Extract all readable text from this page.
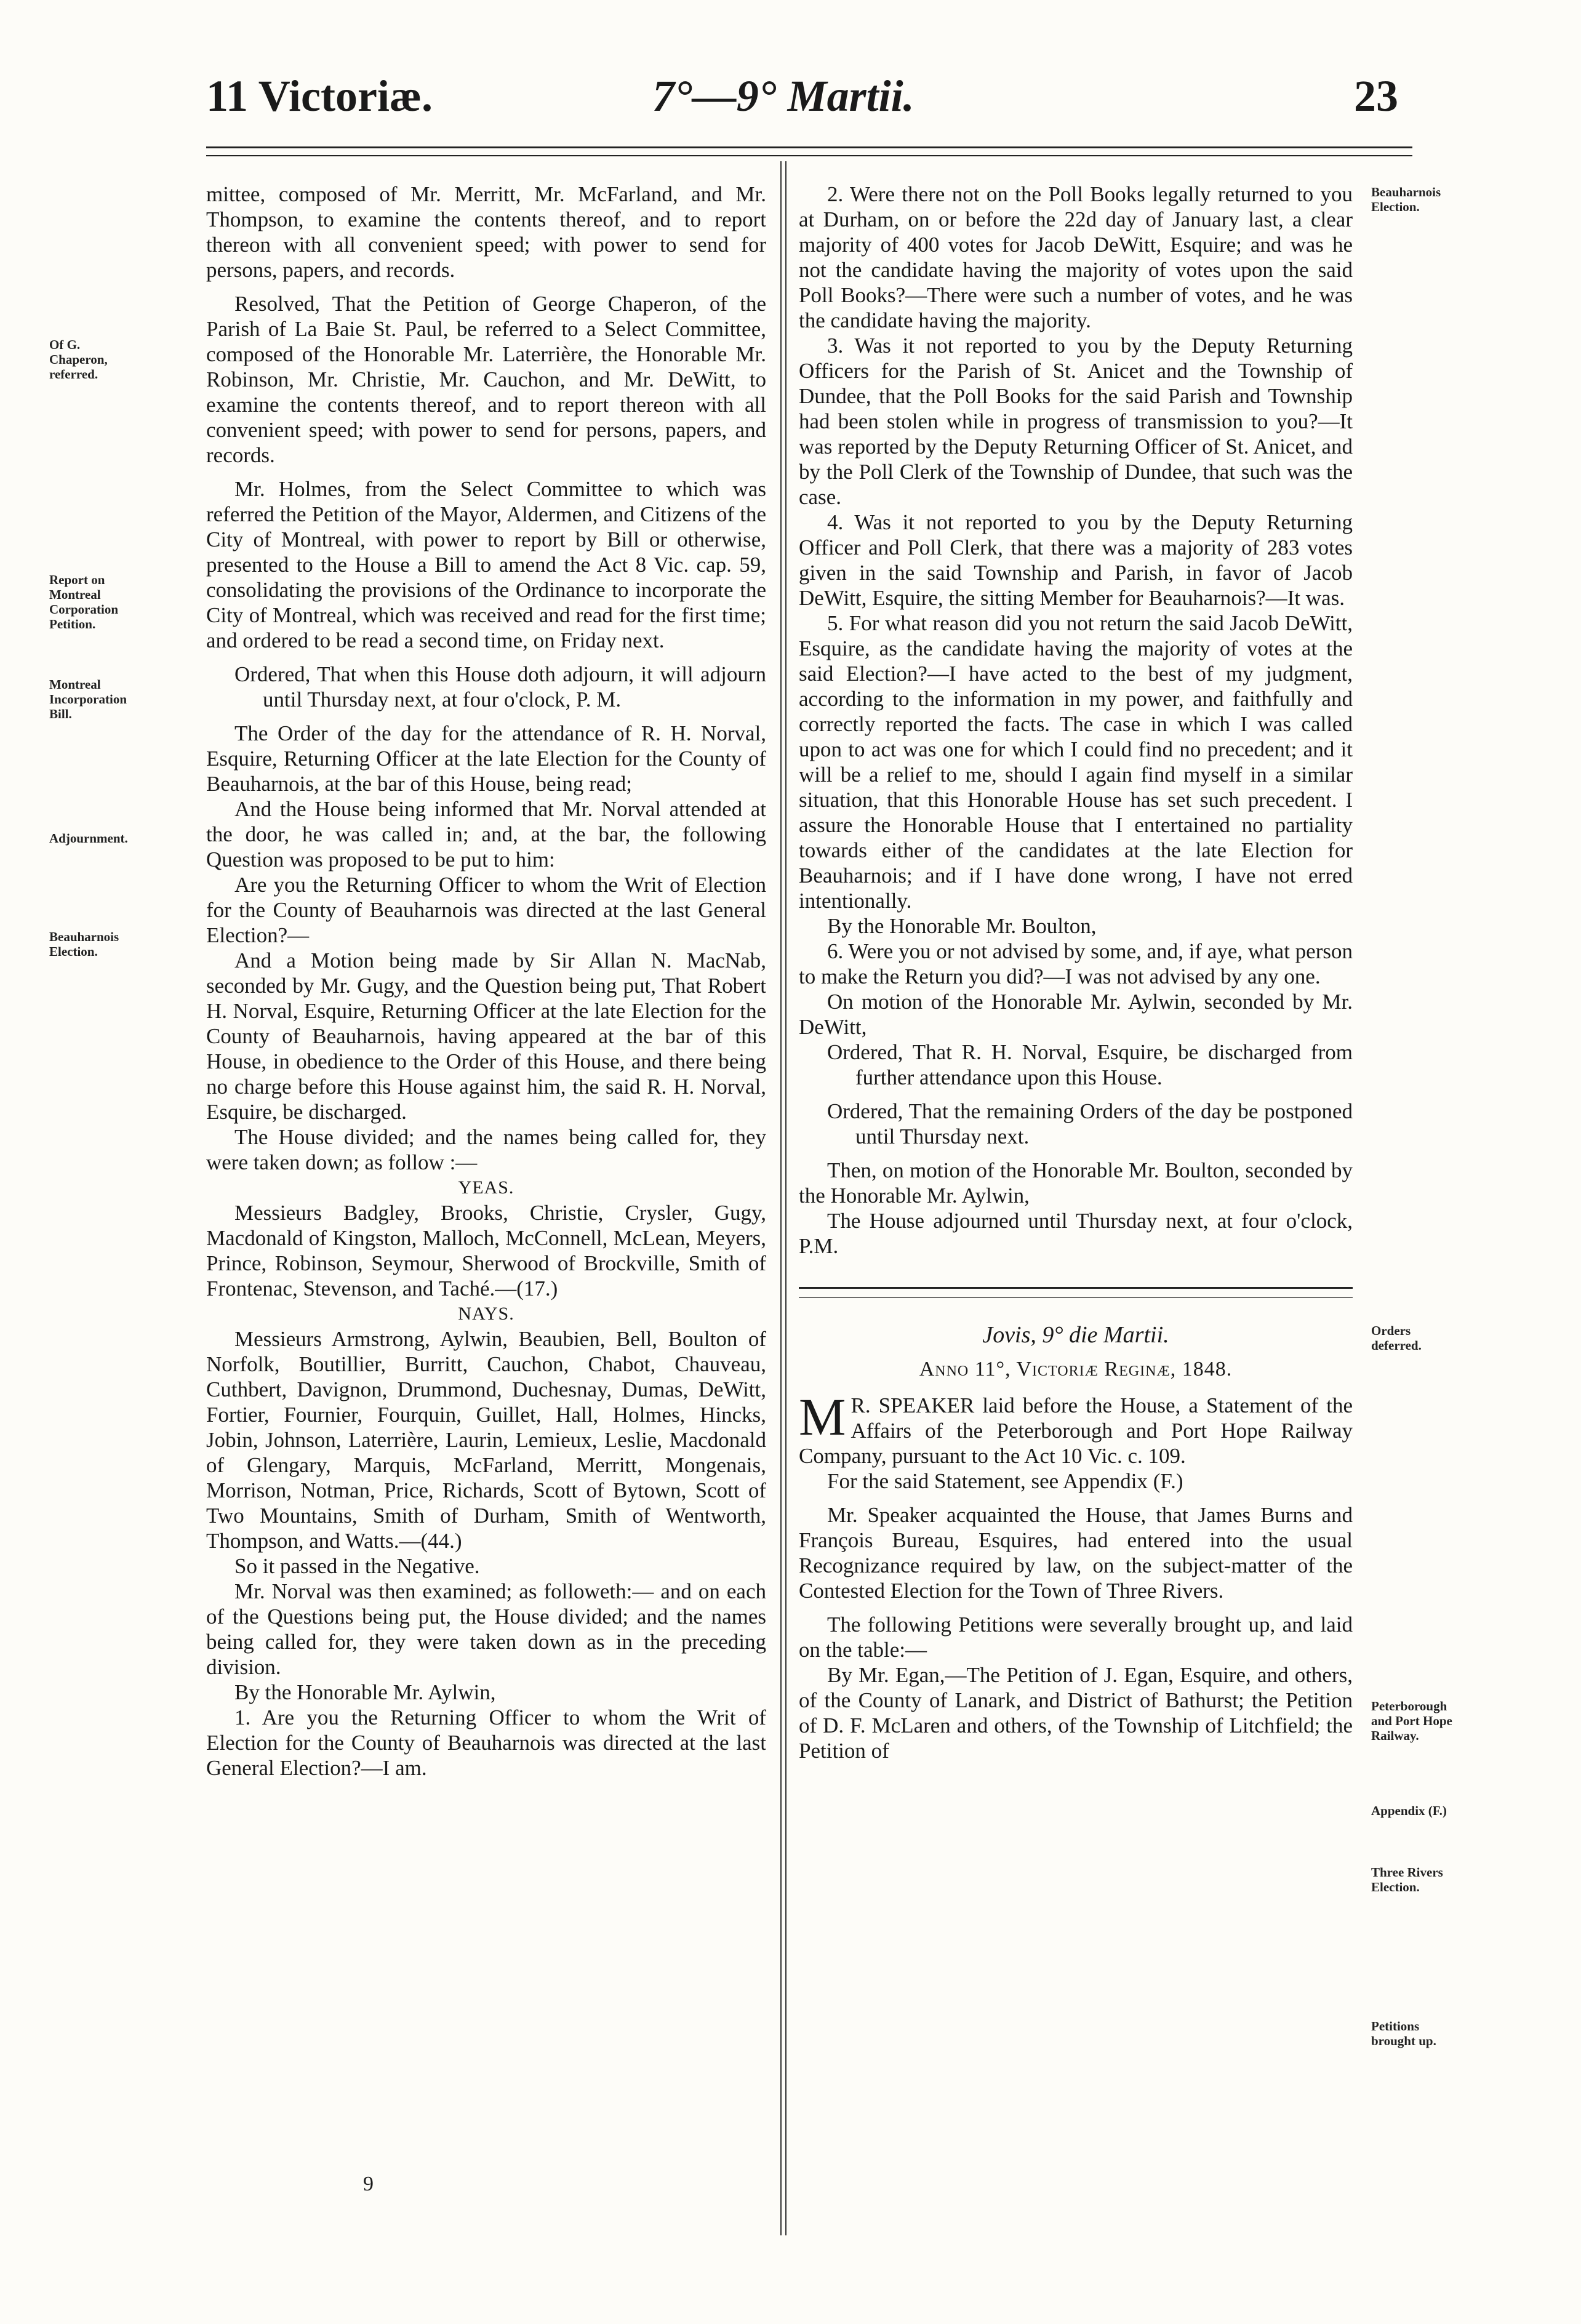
11 Victoriæ.	7°—9° Martii.	23

mittee, composed of Mr. Merritt, Mr. McFarland, and Mr. Thompson, to examine the contents thereof, and to report thereon with all convenient speed; with power to send for persons, papers, and records.

Resolved, That the Petition of George Chaperon, of the Parish of La Baie St. Paul, be referred to a Select Committee, composed of the Honorable Mr. Laterrière, the Honorable Mr. Robinson, Mr. Christie, Mr. Cauchon, and Mr. DeWitt, to examine the contents thereof, and to report thereon with all convenient speed; with power to send for persons, papers, and records.

Mr. Holmes, from the Select Committee to which was referred the Petition of the Mayor, Aldermen, and Citizens of the City of Montreal, with power to report by Bill or otherwise, presented to the House a Bill to amend the Act 8 Vic. cap. 59, consolidating the provisions of the Ordinance to incorporate the City of Montreal, which was received and read for the first time; and ordered to be read a second time, on Friday next.

Ordered, That when this House doth adjourn, it will adjourn until Thursday next, at four o'clock, P. M.

The Order of the day for the attendance of R. H. Norval, Esquire, Returning Officer at the late Election for the County of Beauharnois, at the bar of this House, being read;

And the House being informed that Mr. Norval attended at the door, he was called in; and, at the bar, the following Question was proposed to be put to him:

Are you the Returning Officer to whom the Writ of Election for the County of Beauharnois was directed at the last General Election?—

And a Motion being made by Sir Allan N. MacNab, seconded by Mr. Gugy, and the Question being put, That Robert H. Norval, Esquire, Returning Officer at the late Election for the County of Beauharnois, having appeared at the bar of this House, in obedience to the Order of this House, and there being no charge before this House against him, the said R. H. Norval, Esquire, be discharged.

The House divided; and the names being called for, they were taken down; as follow :—

YEAS.

Messieurs Badgley, Brooks, Christie, Crysler, Gugy, Macdonald of Kingston, Malloch, McConnell, McLean, Meyers, Prince, Robinson, Seymour, Sherwood of Brockville, Smith of Frontenac, Stevenson, and Taché.—(17.)

NAYS.

Messieurs Armstrong, Aylwin, Beaubien, Bell, Boulton of Norfolk, Boutillier, Burritt, Cauchon, Chabot, Chauveau, Cuthbert, Davignon, Drummond, Duchesnay, Dumas, DeWitt, Fortier, Fournier, Fourquin, Guillet, Hall, Holmes, Hincks, Jobin, Johnson, Laterrière, Laurin, Lemieux, Leslie, Macdonald of Glengary, Marquis, McFarland, Merritt, Mongenais, Morrison, Notman, Price, Richards, Scott of Bytown, Scott of Two Mountains, Smith of Durham, Smith of Wentworth, Thompson, and Watts.—(44.)

So it passed in the Negative.

Mr. Norval was then examined; as followeth:— and on each of the Questions being put, the House divided; and the names being called for, they were taken down as in the preceding division.

By the Honorable Mr. Aylwin,

1. Are you the Returning Officer to whom the Writ of Election for the County of Beauharnois was directed at the last General Election?—I am.

2. Were there not on the Poll Books legally returned to you at Durham, on or before the 22d day of January last, a clear majority of 400 votes for Jacob DeWitt, Esquire; and was he not the candidate having the majority of votes upon the said Poll Books?—There were such a number of votes, and he was the candidate having the majority.

3. Was it not reported to you by the Deputy Returning Officers for the Parish of St. Anicet and the Township of Dundee, that the Poll Books for the said Parish and Township had been stolen while in progress of transmission to you?—It was reported by the Deputy Returning Officer of St. Anicet, and by the Poll Clerk of the Township of Dundee, that such was the case.

4. Was it not reported to you by the Deputy Returning Officer and Poll Clerk, that there was a majority of 283 votes given in the said Township and Parish, in favor of Jacob DeWitt, Esquire, the sitting Member for Beauharnois?—It was.

5. For what reason did you not return the said Jacob DeWitt, Esquire, as the candidate having the majority of votes at the said Election?—I have acted to the best of my judgment, according to the information in my power, and faithfully and correctly reported the facts. The case in which I was called upon to act was one for which I could find no precedent; and it will be a relief to me, should I again find myself in a similar situation, that this Honorable House has set such precedent. I assure the Honorable House that I entertained no partiality towards either of the candidates at the late Election for Beauharnois; and if I have done wrong, I have not erred intentionally.

By the Honorable Mr. Boulton,

6. Were you or not advised by some, and, if aye, what person to make the Return you did?—I was not advised by any one.

On motion of the Honorable Mr. Aylwin, seconded by Mr. DeWitt,

Ordered, That R. H. Norval, Esquire, be discharged from further attendance upon this House.

Ordered, That the remaining Orders of the day be postponed until Thursday next.

Then, on motion of the Honorable Mr. Boulton, seconded by the Honorable Mr. Aylwin,

The House adjourned until Thursday next, at four o'clock, P.M.

Jovis, 9° die Martii.

Anno 11°, Victoriæ Reginæ, 1848.

M R. SPEAKER laid before the House, a Statement of the Affairs of the Peterborough and Port Hope Railway Company, pursuant to the Act 10 Vic. c. 109.

For the said Statement, see Appendix (F.)

Mr. Speaker acquainted the House, that James Burns and François Bureau, Esquires, had entered into the usual Recognizance required by law, on the subject-matter of the Contested Election for the Town of Three Rivers.

The following Petitions were severally brought up, and laid on the table:—

By Mr. Egan,—The Petition of J. Egan, Esquire, and others, of the County of Lanark, and District of Bathurst; the Petition of D. F. McLaren and others, of the Township of Litchfield; the Petition of

Of G. Chaperon, referred.
Report on Montreal Corporation Petition.
Montreal Incorporation Bill.
Adjournment.
Beauharnois Election.
Beauharnois Election.
Orders deferred.
Peterborough and Port Hope Railway.
Appendix (F.)
Three Rivers Election.
Petitions brought up.
9
